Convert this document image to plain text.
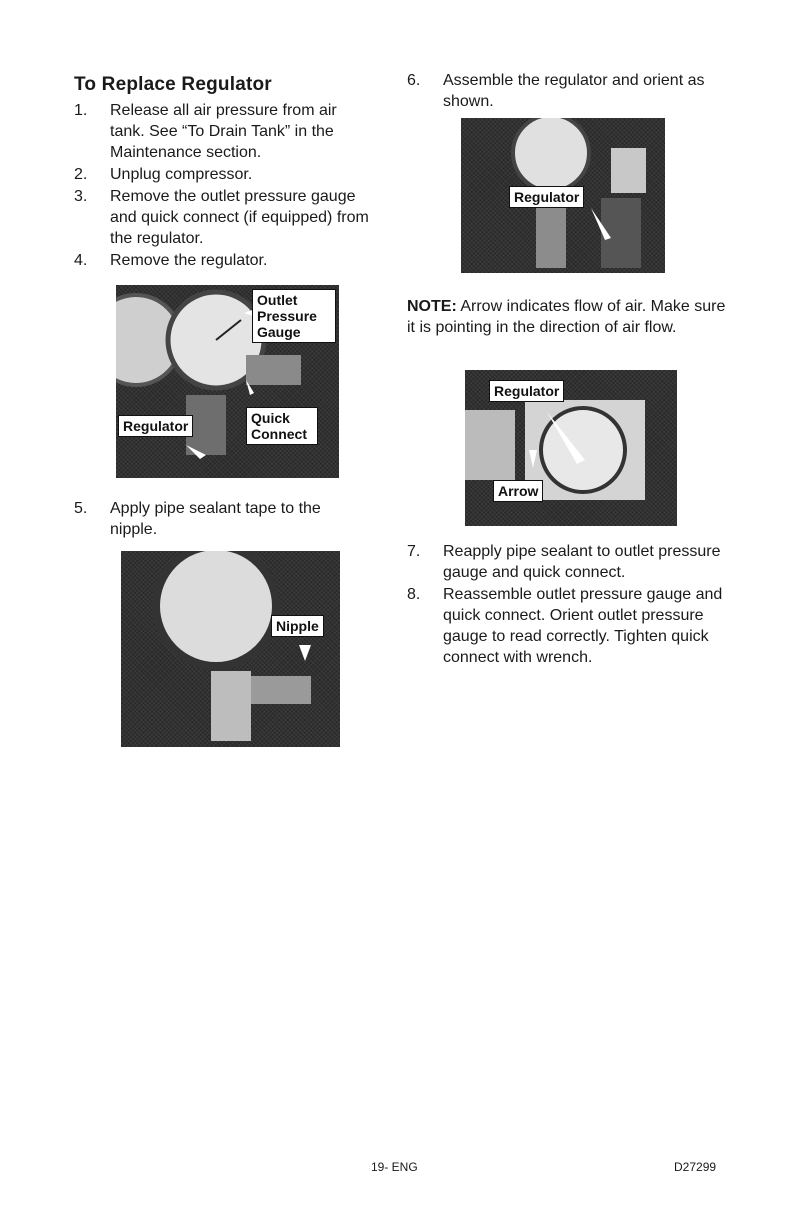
To Replace Regulator
1. Release all air pressure from air tank. See “To Drain Tank” in the Maintenance section.
2. Unplug compressor.
3. Remove the outlet pressure gauge and quick connect (if equipped) from the regulator.
4. Remove the regulator.
Outlet Pressure Gauge
Regulator	Quick Connect
5. Apply pipe sealant tape to the nipple.
Nipple
6. Assemble the regulator and orient as shown.
Regulator
NOTE: Arrow indicates flow of air. Make sure it is pointing in the direction of air flow.
Regulator
Arrow
7. Reapply pipe sealant to outlet pressure gauge and quick connect.
8. Reassemble outlet pressure gauge and quick connect. Orient outlet pressure gauge to read correctly. Tighten quick connect with wrench.
19- ENG	D27299
